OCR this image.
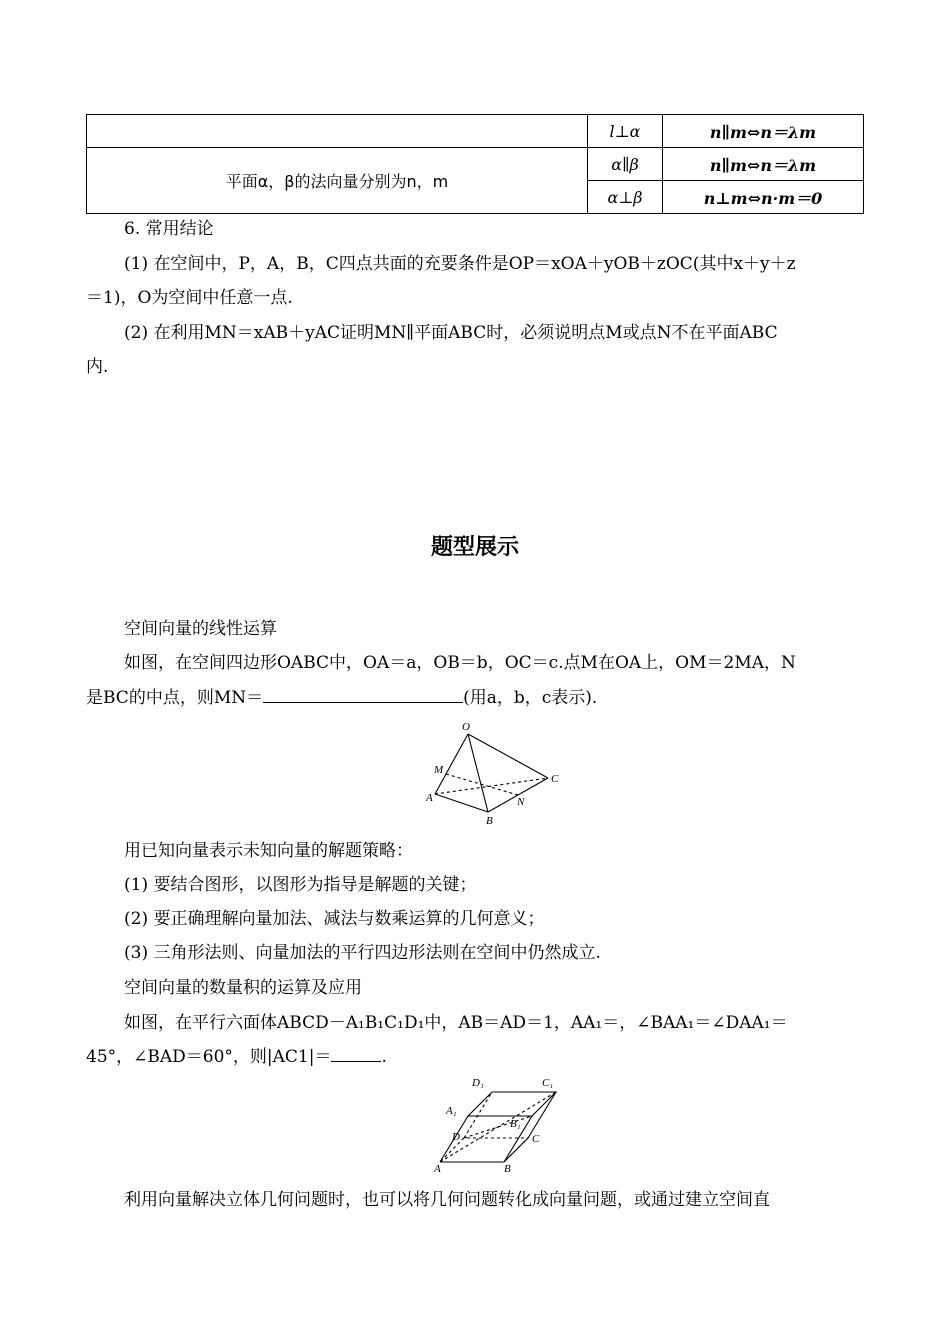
	l⊥α	n∥m⇔n＝λm
平面α，β的法向量分别为n，m	α∥β	n∥m⇔n＝λm
	α⊥β	n⊥m⇔n·m＝0
6. 常用结论
(1) 在空间中，P，A，B，C四点共面的充要条件是OP＝xOA＋yOB＋zOC(其中x＋y＋z
＝1)，O为空间中任意一点.
(2) 在利用MN＝xAB＋yAC证明MN∥平面ABC时，必须说明点M或点N不在平面ABC
内.
题型展示
空间向量的线性运算
如图，在空间四边形OABC中，OA＝a，OB＝b，OC＝c.点M在OA上，OM＝2MA，N
是BC的中点，则MN＝	(用a，b，c表示).
O
M
A
B
C
N
用已知向量表示未知向量的解题策略：
(1) 要结合图形，以图形为指导是解题的关键；
(2) 要正确理解向量加法、减法与数乘运算的几何意义；
(3) 三角形法则、向量加法的平行四边形法则在空间中仍然成立.
空间向量的数量积的运算及应用
如图，在平行六面体ABCD－A₁B₁C₁D₁中，AB＝AD＝1，AA₁＝，∠BAA₁＝∠DAA₁＝
45°，∠BAD＝60°，则|AC1|＝	.
D₁	C₁
A₁
B₁
D	C
A	B
利用向量解决立体几何问题时，也可以将几何问题转化成向量问题，或通过建立空间直
